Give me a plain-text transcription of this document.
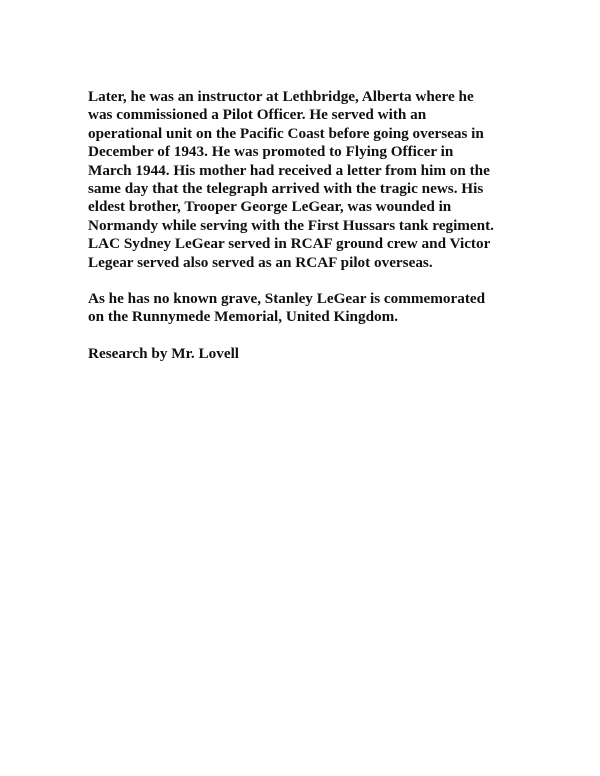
Later, he was an instructor at Lethbridge, Alberta where he
was commissioned a Pilot Officer. He served with an
operational unit on the Pacific Coast before going overseas in
December of 1943. He was promoted to Flying Officer in
March 1944. His mother had received a letter from him on the
same day that the telegraph arrived with the tragic news. His
eldest brother, Trooper George LeGear, was wounded in
Normandy while serving with the First Hussars tank regiment.
LAC Sydney LeGear served in RCAF ground crew and Victor
Legear served also served as an RCAF pilot overseas.

As he has no known grave, Stanley LeGear is commemorated
on the Runnymede Memorial, United Kingdom.

Research by Mr. Lovell
